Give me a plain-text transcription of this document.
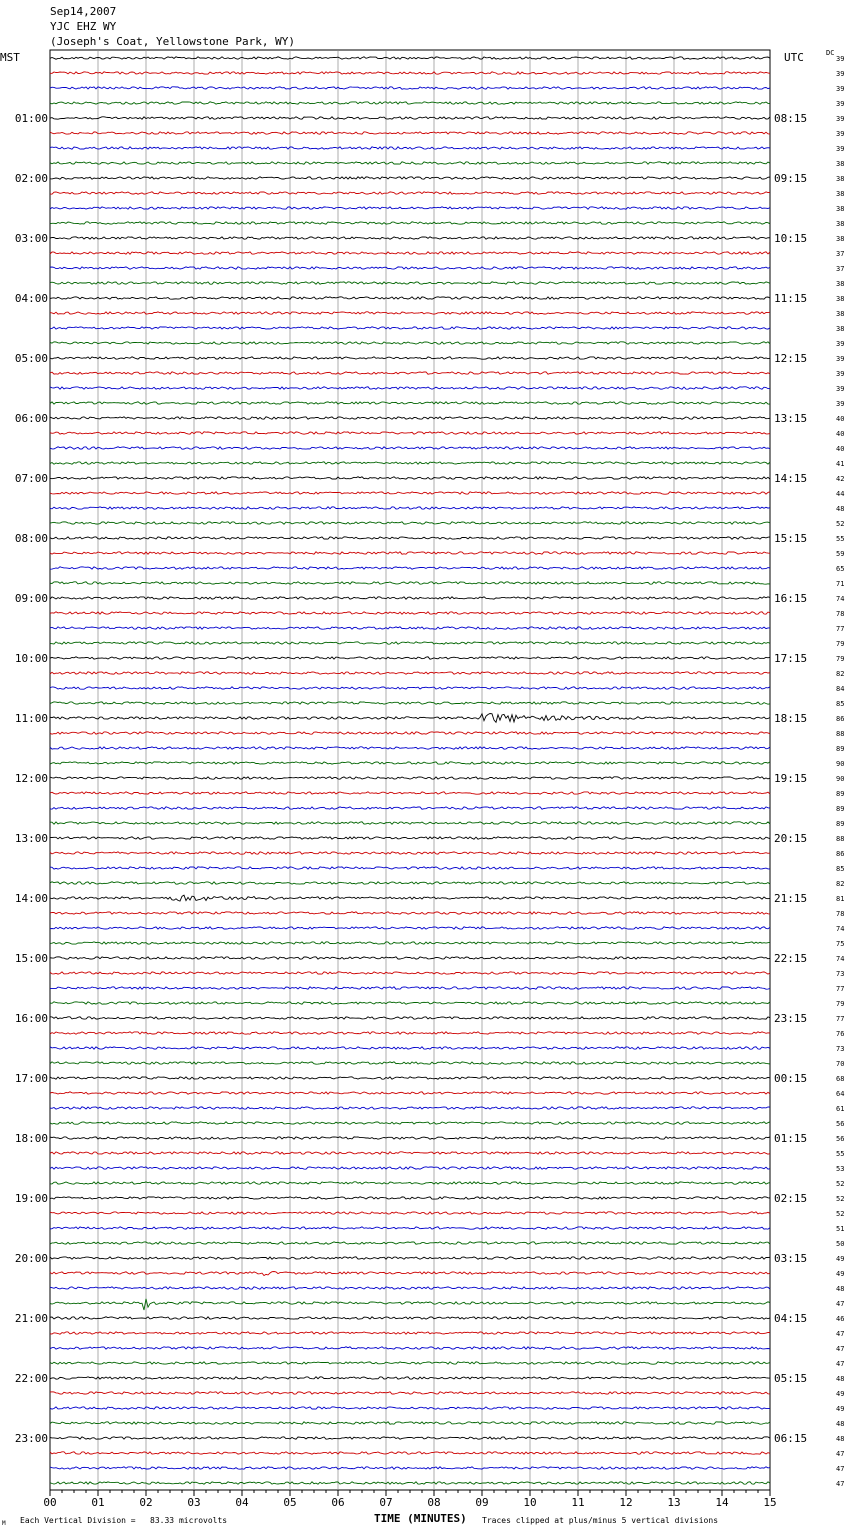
Sep14,2007
YJC EHZ WY
(Joseph's Coat, Yellowstone Park, WY)
MST	UTC	DC
00	01	02	03	04	05	06	07	08	09	10	11	12	13	14	15
39
39
39
39
39
39
39
38
38
38
38
38
38
37
37
38
38
38
38
39
39
39
39
39
40
40
40
41
42
44
48
52
55
59
65
71
74
78
77
79
79
82
84
85
86
88
89
90
90
89
89
89
88
86
85
82
81
78
74
75
74
73
77
79
77
76
73
70
68
64
61
56
56
55
53
52
52
52
51
50
49
49
48
47
46
47
47
47
48
49
49
48
48
47
47
47
01:00
02:00
03:00
04:00
05:00
06:00
07:00
08:00
09:00
10:00
11:00
12:00
13:00
14:00
15:00
16:00
17:00
18:00
19:00
20:00
21:00
22:00
23:00
08:15
09:15
10:15
11:15
12:15
13:15
14:15
15:15
16:15
17:15
18:15
19:15
20:15
21:15
22:15
23:15
00:15
01:15
02:15
03:15
04:15
05:15
06:15
TIME (MINUTES)
Each Vertical Division =   83.33 microvolts	Traces clipped at plus/minus 5 vertical divisions
M
